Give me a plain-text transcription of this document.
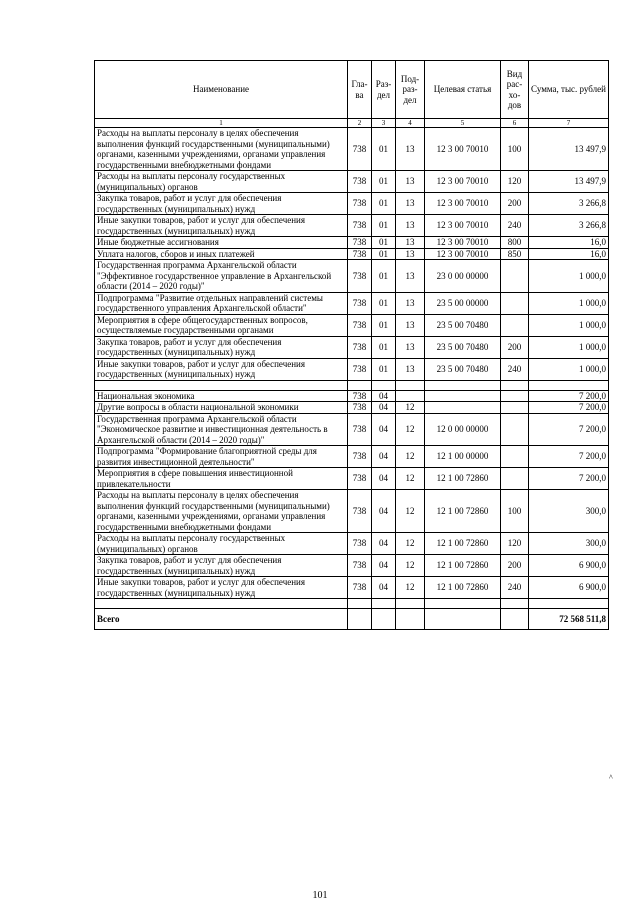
Наименование	Гла- ва	Раз- дел	Под- раз- дел	Целевая статья	Вид рас- хо- дов	Сумма, тыс. рублей
1	2	3	4	5	6	7
Расходы на выплаты персоналу в целях обеспечения выполнения функций государственными (муниципальными) органами, казенными учреждениями, органами управления государственными внебюджетными фондами	738	01	13	12 3 00 70010	100	13 497,9
Расходы на выплаты персоналу государственных (муниципальных) органов	738	01	13	12 3 00 70010	120	13 497,9
Закупка товаров, работ и услуг для обеспечения государственных (муниципальных) нужд	738	01	13	12 3 00 70010	200	3 266,8
Иные закупки товаров, работ и услуг для обеспечения государственных (муниципальных) нужд	738	01	13	12 3 00 70010	240	3 266,8
Иные бюджетные ассигнования	738	01	13	12 3 00 70010	800	16,0
Уплата налогов, сборов и иных платежей	738	01	13	12 3 00 70010	850	16,0
Государственная программа Архангельской области "Эффективное государственное управление в Архангельской области (2014 – 2020 годы)"	738	01	13	23 0 00 00000		1 000,0
Подпрограмма "Развитие отдельных направлений системы государственного управления Архангельской области"	738	01	13	23 5 00 00000		1 000,0
Мероприятия в сфере общегосударственных вопросов, осуществляемые государственными органами	738	01	13	23 5 00 70480		1 000,0
Закупка товаров, работ и услуг для обеспечения государственных (муниципальных) нужд	738	01	13	23 5 00 70480	200	1 000,0
Иные закупки товаров, работ и услуг для обеспечения государственных (муниципальных) нужд	738	01	13	23 5 00 70480	240	1 000,0

Национальная экономика	738	04				7 200,0
Другие вопросы в области национальной экономики	738	04	12			7 200,0
Государственная программа Архангельской области "Экономическое развитие и инвестиционная деятельность в Архангельской области (2014 – 2020 годы)"	738	04	12	12 0 00 00000		7 200,0
Подпрограмма "Формирование благоприятной среды для развития инвестиционной деятельности"	738	04	12	12 1 00 00000		7 200,0
Мероприятия в сфере повышения инвестиционной привлекательности	738	04	12	12 1 00 72860		7 200,0
Расходы на выплаты персоналу в целях обеспечения выполнения функций государственными (муниципальными) органами, казенными учреждениями, органами управления государственными внебюджетными фондами	738	04	12	12 1 00 72860	100	300,0
Расходы на выплаты персоналу государственных (муниципальных) органов	738	04	12	12 1 00 72860	120	300,0
Закупка товаров, работ и услуг для обеспечения государственных (муниципальных) нужд	738	04	12	12 1 00 72860	200	6 900,0
Иные закупки товаров, работ и услуг для обеспечения государственных (муниципальных) нужд	738	04	12	12 1 00 72860	240	6 900,0

Всего						72 568 511,8
^
101
